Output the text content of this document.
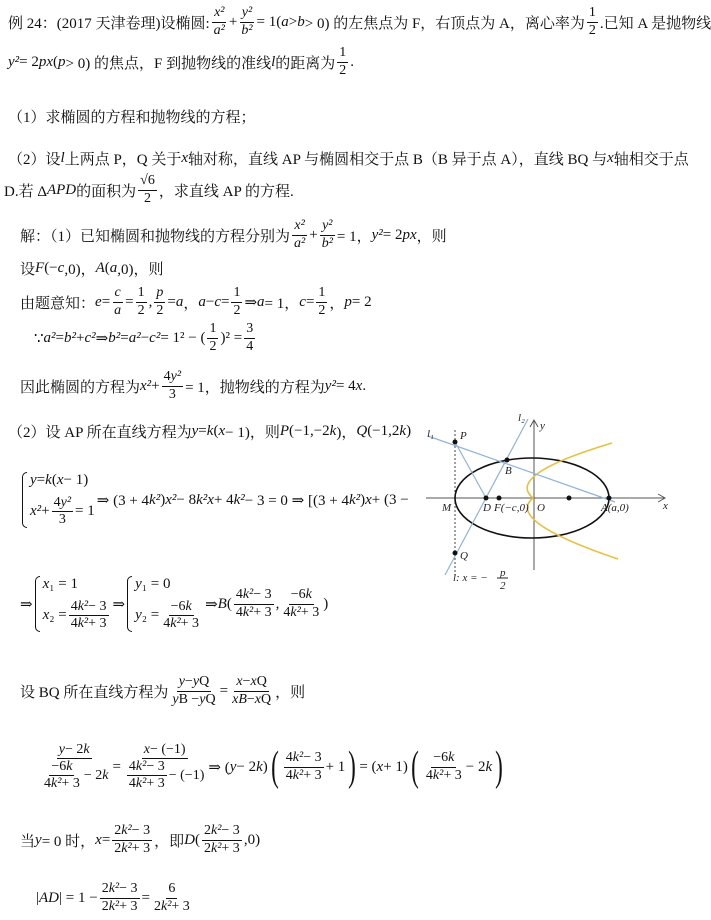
例 24：(2017 天津卷理)设椭圆: $\frac{\text{x²}}{\text{a²}} + \frac{\text{y²}}{\text{b²}} = 1$( a > b > 0) 的左焦点为 F，右顶点为 A，离心率为 $\frac{1}{2}$ .已知 A 是抛物线
y² = 2 px ( p > 0) 的焦点，F 到抛物线的准线 l 的距离为 $\frac{1}{2}$ .
（1）求椭圆的方程和抛物线的方程；
（2）设 l 上两点 P，Q 关于 x 轴对称，直线 AP 与椭圆相交于点 B（B 异于点 A），直线 BQ 与 x 轴相交于点
D.若 Δ APD 的面积为 $\frac{√6}{2}$ ，求直线 AP 的方程.
解：（1）已知椭圆和抛物线的方程分别为 $\frac{\text{x²}}{\text{a²}} + \frac{\text{y²}}{\text{b²}} = 1$， y² = 2 px ，则
设 F (− c ,0)， A ( a ,0)，则
由题意知： $e = \frac{c}{a} = \frac{1}{2}$ , $\frac{p}{2} = a$ ， $a - c = \frac{1}{2}$ ⇒ a = 1， $c = \frac{1}{2}$ ， p = 2
∵ a² = b² + c² ⇒ b² = a² − c² = 1² − ( $\frac{1}{2} )^2 = \frac{3}{4}$
因此椭圆的方程为 $x^2 + \frac{\text{4 y²}}{3} = 1$，抛物线的方程为 y² = 4 x .
（2）设 AP 所在直线方程为 y = k ( x − 1)，则 P (−1,−2 k )， Q (−1,2 k )
y = k ( x − 1)
$x^2 + \frac{\text{4 y²}}{3} = 1$
⇒ (3 + 4 k² ) x² − 8 k²x + 4 k² − 3 = 0 ⇒ [(3 + 4 k² ) x + (3 −
⇒
x ₁ = 1
x $_2 = \frac{\text{4 k² − 3}}{\text{4 k² + 3}}$ ⇒
y ₁ = 0
y $_2 = \frac{-6 k}{\text{4 k² + 3}}$ ⇒ B ( $\frac{\text{4 k² − 3}}{\text{4 k² + 3}}$ , $\frac{-6 k}{\text{4 k² + 3}}$ )
设 BQ 所在直线方程为 $\frac{\text{y − y Q}}{\text{y B − y Q}} = \frac{\text{x − x Q}}{\text{xB − x Q}}$ ，则
$\frac{y - 2 k}{\frac{-6 k}{\text{4 k² + 3}} - 2 k} = \frac{x - (-1)}{\frac{\text{4 k² − 3}}{\text{4 k² + 3}} - (-1)}$ ⇒ ( y − 2 k ) ( $\frac{\text{4 k² − 3}}{\text{4 k² + 3}} + 1$ ) = ( x + 1) ( $\frac{-6 k}{\text{4 k² + 3}} - 2$ k )
当 y = 0 时， $x = \frac{\text{2 k² − 3}}{\text{2 k² + 3}}$ ，即 D ( $\frac{\text{2 k² − 3}}{\text{2 k² + 3}} ,0$)
| AD | = $1 - \frac{\text{2 k² − 3}}{\text{2 k² + 3}} = \frac{6}{\text{2 k² + 3}}$
l₁
l₂
y
x
P
B
M	D F(−c,0) O	A(a,0)
Q
l: x = − p
2
